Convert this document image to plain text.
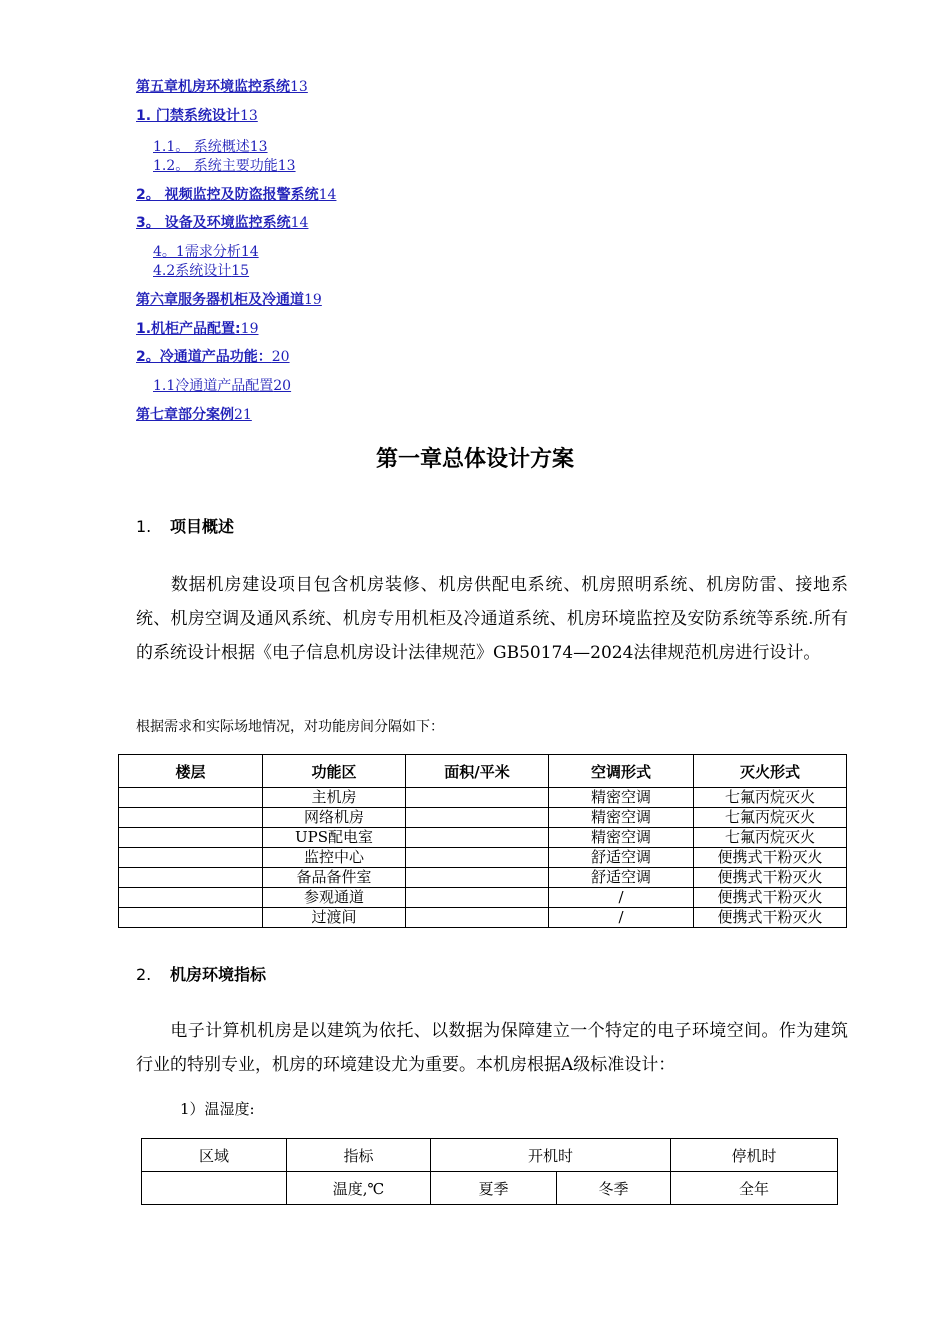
第五章机房环境监控系统13
1. 门禁系统设计13
1.1。 系统概述13
1.2。 系统主要功能13
2。 视频监控及防盗报警系统14
3。 设备及环境监控系统14
4。1需求分析14
4.2系统设计15
第六章服务器机柜及冷通道19
1.机柜产品配置:19
2。冷通道产品功能：20
1.1冷通道产品配置20
第七章部分案例21
第一章总体设计方案
1. 项目概述
数据机房建设项目包含机房装修、机房供配电系统、机房照明系统、机房防雷、接地系统、机房空调及通风系统、机房专用机柜及冷通道系统、机房环境监控及安防系统等系统.所有的系统设计根据《电子信息机房设计法律规范》GB50174—2024法律规范机房进行设计。
根据需求和实际场地情况，对功能房间分隔如下：
楼层	功能区	面积/平米	空调形式	灭火形式
	主机房		精密空调	七氟丙烷灭火
	网络机房		精密空调	七氟丙烷灭火
	UPS配电室		精密空调	七氟丙烷灭火
	监控中心		舒适空调	便携式干粉灭火
	备品备件室		舒适空调	便携式干粉灭火
	参观通道		/	便携式干粉灭火
	过渡间		/	便携式干粉灭火
2. 机房环境指标
电子计算机机房是以建筑为依托、以数据为保障建立一个特定的电子环境空间。作为建筑行业的特别专业，机房的环境建设尤为重要。本机房根据A级标准设计：
1）温湿度:
区域	指标	开机时		停机时
	温度,℃	夏季	冬季	全年
